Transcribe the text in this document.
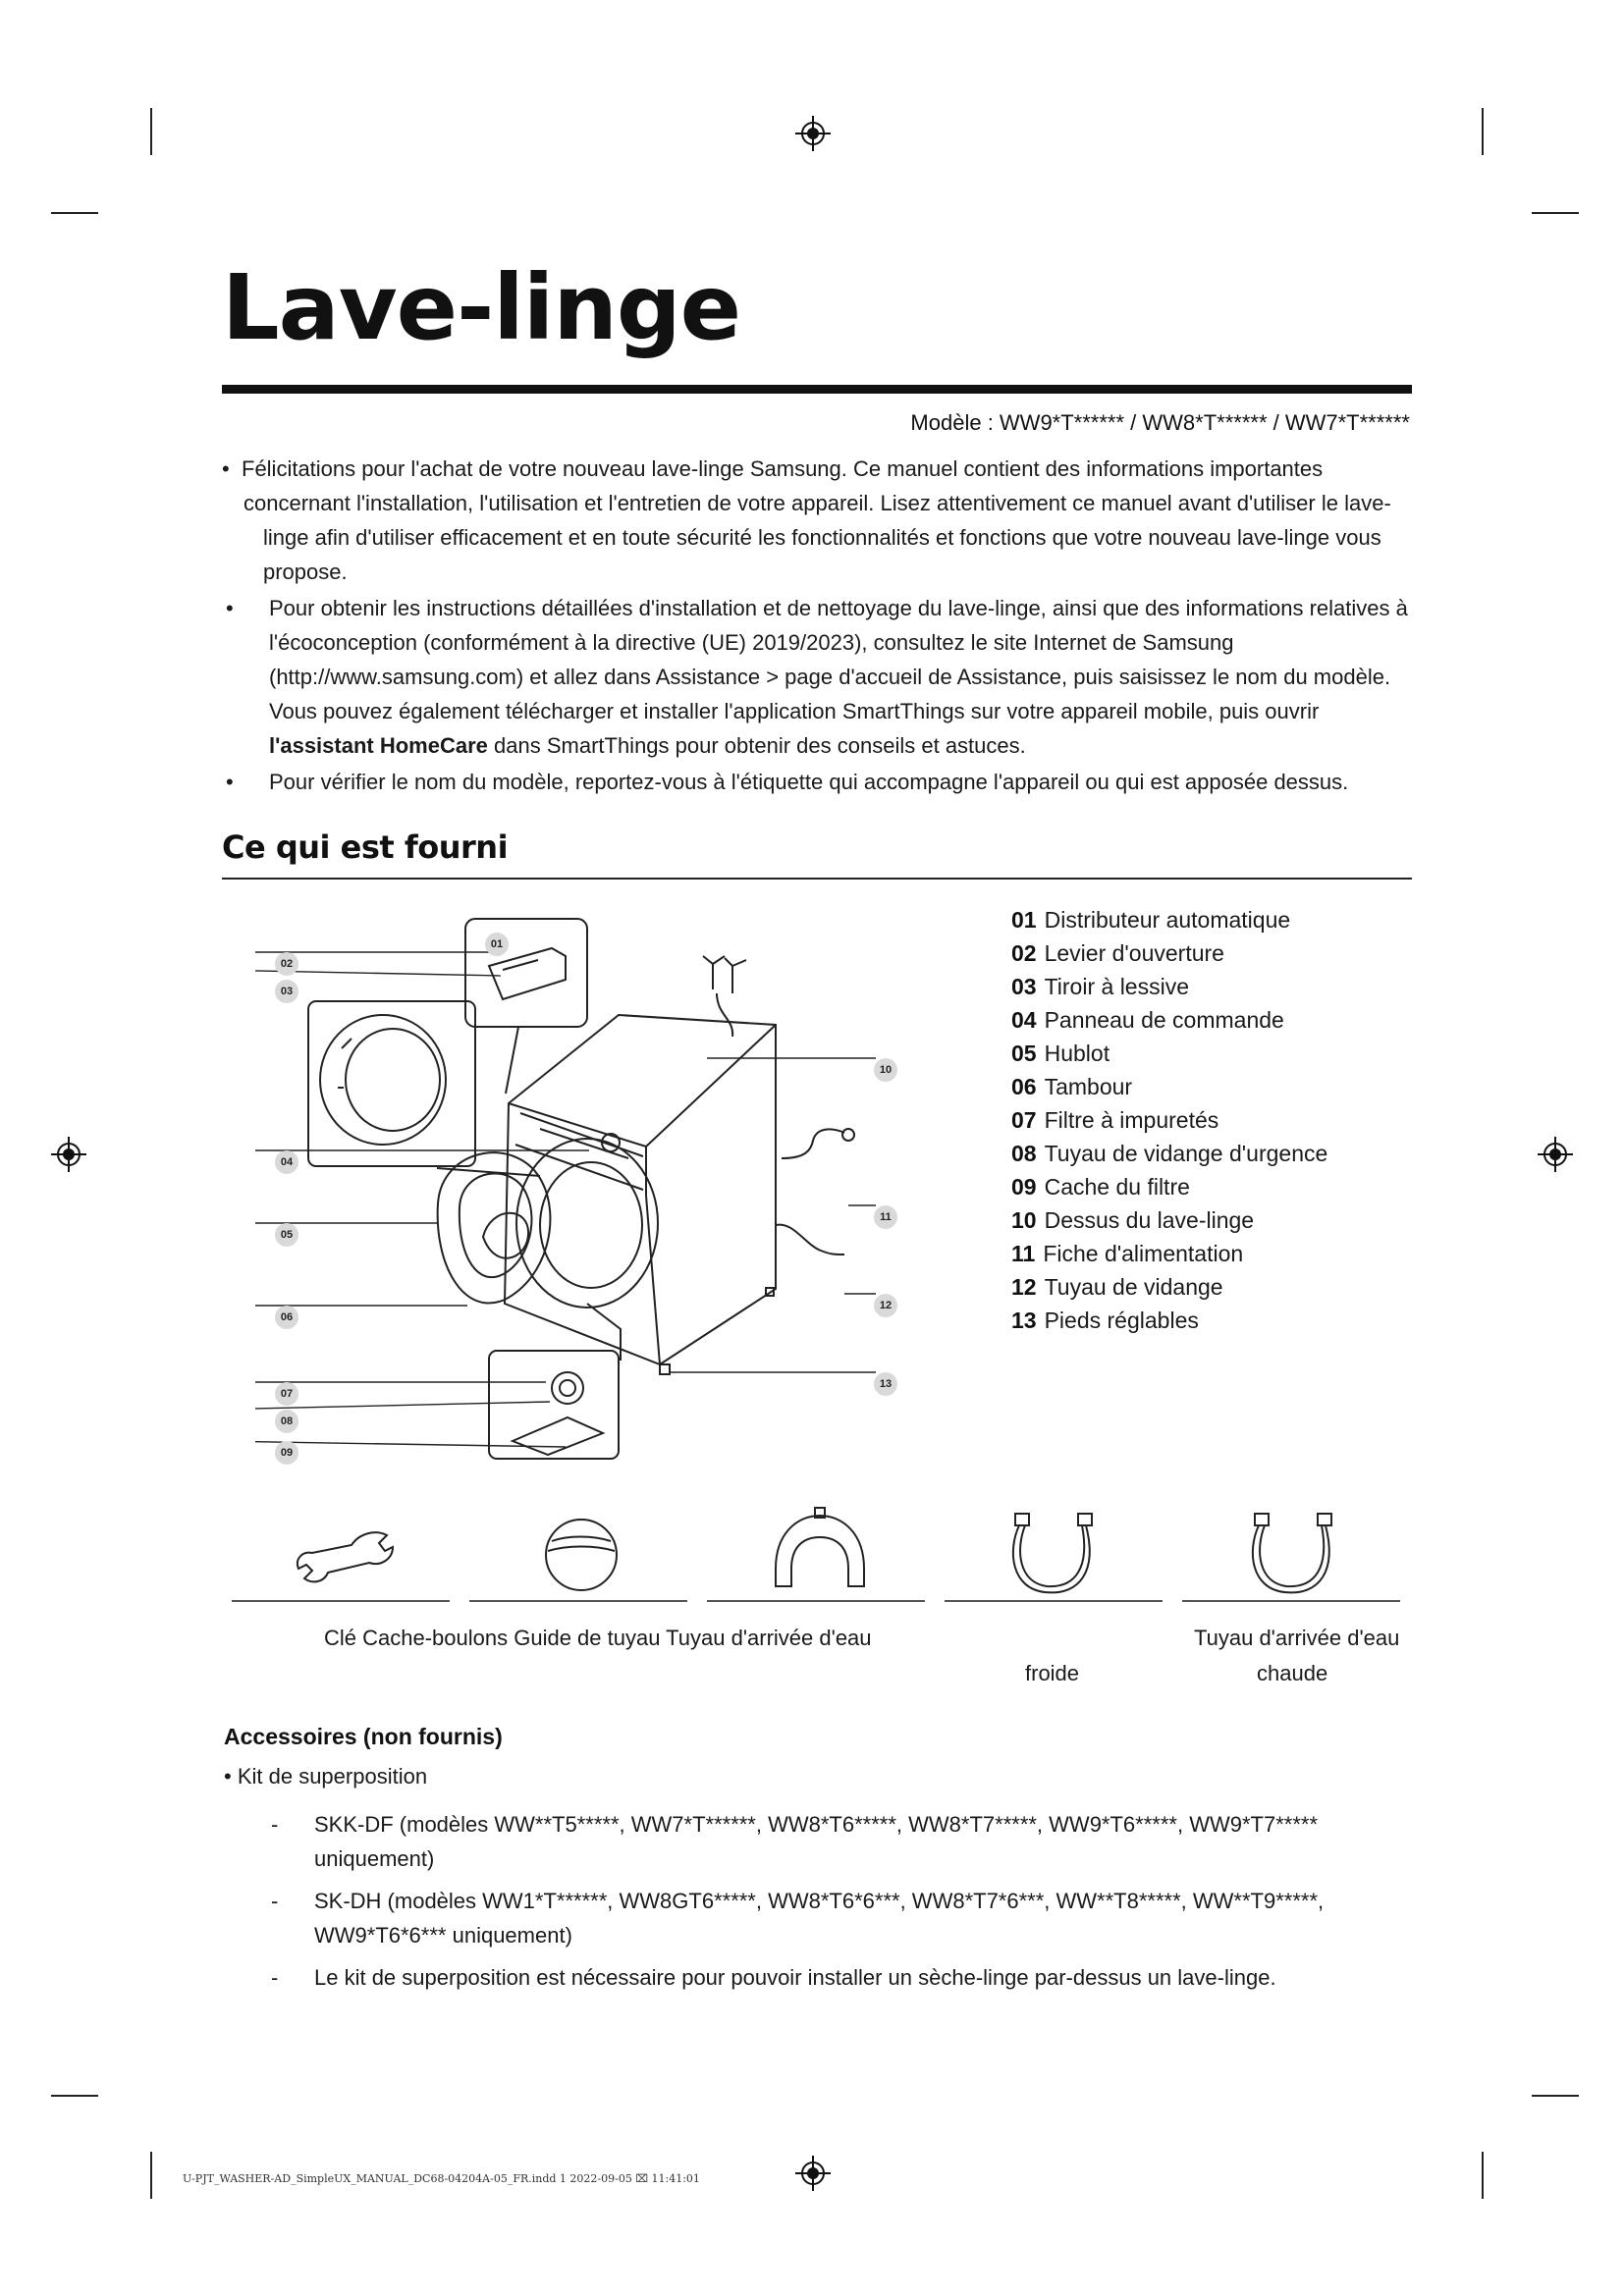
Lave-linge
Modèle : WW9*T****** / WW8*T****** / WW7*T******
• Félicitations pour l'achat de votre nouveau lave-linge Samsung. Ce manuel contient des informations importantes
concernant l'installation, l'utilisation et l'entretien de votre appareil. Lisez attentivement ce manuel avant d'utiliser le lave-linge afin d'utiliser efficacement et en toute sécurité les fonctionnalités et fonctions que votre nouveau lave-linge vous propose.
• Pour obtenir les instructions détaillées d'installation et de nettoyage du lave-linge, ainsi que des informations relatives à l'écoconception (conformément à la directive (UE) 2019/2023), consultez le site Internet de Samsung (http://www.samsung.com) et allez dans Assistance > page d'accueil de Assistance, puis saisissez le nom du modèle. Vous pouvez également télécharger et installer l'application SmartThings sur votre appareil mobile, puis ouvrir l'assistant HomeCare dans SmartThings pour obtenir des conseils et astuces.
• Pour vérifier le nom du modèle, reportez-vous à l'étiquette qui accompagne l'appareil ou qui est apposée dessus.
Ce qui est fourni
01
02
03
04
05
06
07
08
09
10
11
12
13
01 Distributeur automatique
02 Levier d'ouverture
03 Tiroir à lessive
04 Panneau de commande
05 Hublot
06 Tambour
07 Filtre à impuretés
08 Tuyau de vidange d'urgence
09 Cache du filtre
10 Dessus du lave-linge
11 Fiche d'alimentation
12 Tuyau de vidange
13 Pieds réglables
Clé Cache-boulons Guide de tuyau Tuyau d'arrivée d'eau
froide
Tuyau d'arrivée d'eau
chaude
Accessoires (non fournis)
• Kit de superposition
- SKK-DF (modèles WW**T5*****, WW7*T******, WW8*T6*****, WW8*T7*****, WW9*T6*****, WW9*T7***** uniquement)
- SK-DH (modèles WW1*T******, WW8GT6*****, WW8*T6*6***, WW8*T7*6***, WW**T8*****, WW**T9*****, WW9*T6*6*** uniquement)
- Le kit de superposition est nécessaire pour pouvoir installer un sèche-linge par-dessus un lave-linge.
U-PJT_WASHER-AD_SimpleUX_MANUAL_DC68-04204A-05_FR.indd 1 2022-09-05 ⌧ 11:41:01
